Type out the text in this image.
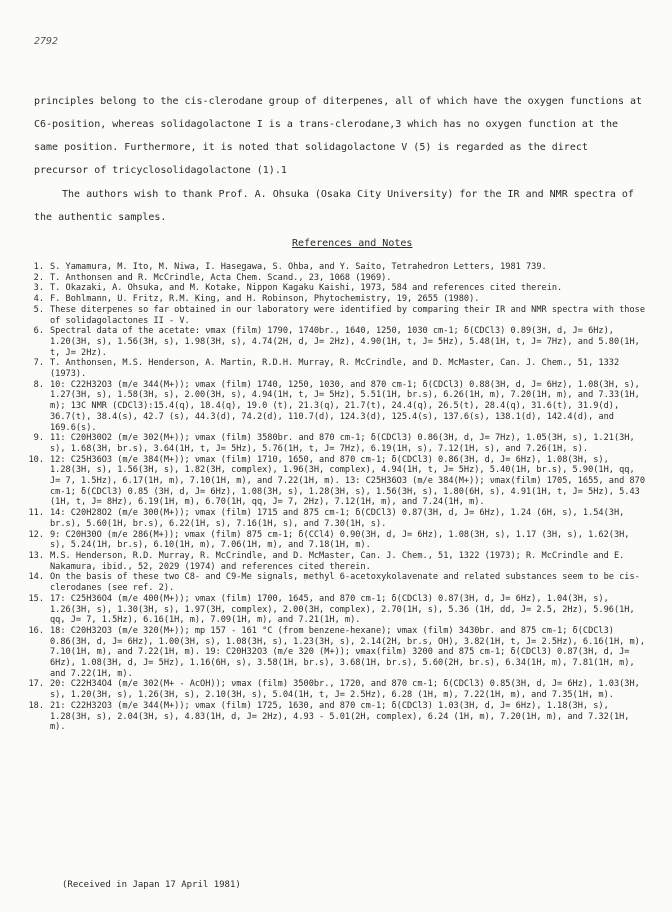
2792
principles belong to the cis-clerodane group of diterpenes, all of which have the oxygen functions at C6-position, whereas solidagolactone I is a trans-clerodane,3 which has no oxygen function at the same position. Furthermore, it is noted that solidagolactone V (5) is regarded as the direct precursor of tricyclosolidagolactone (1).1
The authors wish to thank Prof. A. Ohsuka (Osaka City University) for the IR and NMR spectra of the authentic samples.
References and Notes
1. S. Yamamura, M. Ito, M. Niwa, I. Hasegawa, S. Ohba, and Y. Saito, Tetrahedron Letters, 1981 739.
2. T. Anthonsen and R. McCrindle, Acta Chem. Scand., 23, 1068 (1969).
3. T. Okazaki, A. Ohsuka, and M. Kotake, Nippon Kagaku Kaishi, 1973, 584 and references cited therein.
4. F. Bohlmann, U. Fritz, R.M. King, and H. Robinson, Phytochemistry, 19, 2655 (1980).
5. These diterpenes so far obtained in our laboratory were identified by comparing their IR and NMR spectra with those of solidagolactones II - V.
6. Spectral data of the acetate: νmax (film) 1790, 1740br., 1640, 1250, 1030 cm-1; δ(CDCl3) 0.89(3H, d, J= 6Hz), 1.20(3H, s), 1.56(3H, s), 1.98(3H, s), 4.74(2H, d, J= 2Hz), 4.90(1H, t, J= 5Hz), 5.48(1H, t, J= 7Hz), and 5.80(1H, t, J= 2Hz).
7. T. Anthonsen, M.S. Henderson, A. Martin, R.D.H. Murray, R. McCrindle, and D. McMaster, Can. J. Chem., 51, 1332 (1973).
8. 10: C22H32O3 (m/e 344(M+)); νmax (film) 1740, 1250, 1030, and 870 cm-1; δ(CDCl3) 0.88(3H, d, J= 6Hz), 1.08(3H, s), 1.27(3H, s), 1.58(3H, s), 2.00(3H, s), 4.94(1H, t, J= 5Hz), 5.51(1H, br.s), 6.26(1H, m), 7.20(1H, m), and 7.33(1H, m); 13C NMR (CDCl3):15.4(q), 18.4(q), 19.0 (t), 21.3(q), 21.7(t), 24.4(q), 26.5(t), 28.4(q), 31.6(t), 31.9(d), 36.7(t), 38.4(s), 42.7 (s), 44.3(d), 74.2(d), 110.7(d), 124.3(d), 125.4(s), 137.6(s), 138.1(d), 142.4(d), and 169.6(s).
9. 11: C20H30O2 (m/e 302(M+)); νmax (film) 3580br. and 870 cm-1; δ(CDCl3) 0.86(3H, d, J= 7Hz), 1.05(3H, s), 1.21(3H, s), 1.68(3H, br.s), 3.64(1H, t, J= 5Hz), 5.76(1H, t, J= 7Hz), 6.19(1H, s), 7.12(1H, s), and 7.26(1H, s).
10. 12: C25H36O3 (m/e 384(M+)); νmax (film) 1710, 1650, and 870 cm-1; δ(CDCl3) 0.86(3H, d, J= 6Hz), 1.08(3H, s), 1.28(3H, s), 1.56(3H, s), 1.82(3H, complex), 1.96(3H, complex), 4.94(1H, t, J= 5Hz), 5.40(1H, br.s), 5.90(1H, qq, J= 7, 1.5Hz), 6.17(1H, m), 7.10(1H, m), and 7.22(1H, m). 13: C25H36O3 (m/e 384(M+)); νmax(film) 1705, 1655, and 870 cm-1; δ(CDCl3) 0.85 (3H, d, J= 6Hz), 1.08(3H, s), 1.28(3H, s), 1.56(3H, s), 1.80(6H, s), 4.91(1H, t, J= 5Hz), 5.43 (1H, t, J= 8Hz), 6.19(1H, m), 6.70(1H, qq, J= 7, 2Hz), 7.12(1H, m), and 7.24(1H, m).
11. 14: C20H28O2 (m/e 300(M+)); νmax (film) 1715 and 875 cm-1; δ(CDCl3) 0.87(3H, d, J= 6Hz), 1.24 (6H, s), 1.54(3H, br.s), 5.60(1H, br.s), 6.22(1H, s), 7.16(1H, s), and 7.30(1H, s).
12. 9: C20H30O (m/e 286(M+)); νmax (film) 875 cm-1; δ(CCl4) 0.90(3H, d, J= 6Hz), 1.08(3H, s), 1.17 (3H, s), 1.62(3H, s), 5.24(1H, br.s), 6.10(1H, m), 7.06(1H, m), and 7.18(1H, m).
13. M.S. Henderson, R.D. Murray, R. McCrindle, and D. McMaster, Can. J. Chem., 51, 1322 (1973); R. McCrindle and E. Nakamura, ibid., 52, 2029 (1974) and references cited therein.
14. On the basis of these two C8- and C9-Me signals, methyl 6-acetoxykolavenate and related substances seem to be cis-clerodanes (see ref. 2).
15. 17: C25H36O4 (m/e 400(M+)); νmax (film) 1700, 1645, and 870 cm-1; δ(CDCl3) 0.87(3H, d, J= 6Hz), 1.04(3H, s), 1.26(3H, s), 1.30(3H, s), 1.97(3H, complex), 2.00(3H, complex), 2.70(1H, s), 5.36 (1H, dd, J= 2.5, 2Hz), 5.96(1H, qq, J= 7, 1.5Hz), 6.16(1H, m), 7.09(1H, m), and 7.21(1H, m).
16. 18: C20H32O3 (m/e 320(M+)); mp 157 - 161 °C (from benzene-hexane); νmax (film) 3430br. and 875 cm-1; δ(CDCl3) 0.86(3H, d, J= 6Hz), 1.00(3H, s), 1.08(3H, s), 1.23(3H, s), 2.14(2H, br.s, OH), 3.82(1H, t, J= 2.5Hz), 6.16(1H, m), 7.10(1H, m), and 7.22(1H, m). 19: C20H32O3 (m/e 320 (M+)); νmax(film) 3200 and 875 cm-1; δ(CDCl3) 0.87(3H, d, J= 6Hz), 1.08(3H, d, J= 5Hz), 1.16(6H, s), 3.58(1H, br.s), 3.68(1H, br.s), 5.60(2H, br.s), 6.34(1H, m), 7.81(1H, m), and 7.22(1H, m).
17. 20: C22H34O4 (m/e 302(M+ - AcOH)); νmax (film) 3500br., 1720, and 870 cm-1; δ(CDCl3) 0.85(3H, d, J= 6Hz), 1.03(3H, s), 1.20(3H, s), 1.26(3H, s), 2.10(3H, s), 5.04(1H, t, J= 2.5Hz), 6.28 (1H, m), 7.22(1H, m), and 7.35(1H, m).
18. 21: C22H32O3 (m/e 344(M+)); νmax (film) 1725, 1630, and 870 cm-1; δ(CDCl3) 1.03(3H, d, J= 6Hz), 1.18(3H, s), 1.28(3H, s), 2.04(3H, s), 4.83(1H, d, J= 2Hz), 4.93 - 5.01(2H, complex), 6.24 (1H, m), 7.20(1H, m), and 7.32(1H, m).
(Received in Japan 17 April 1981)
